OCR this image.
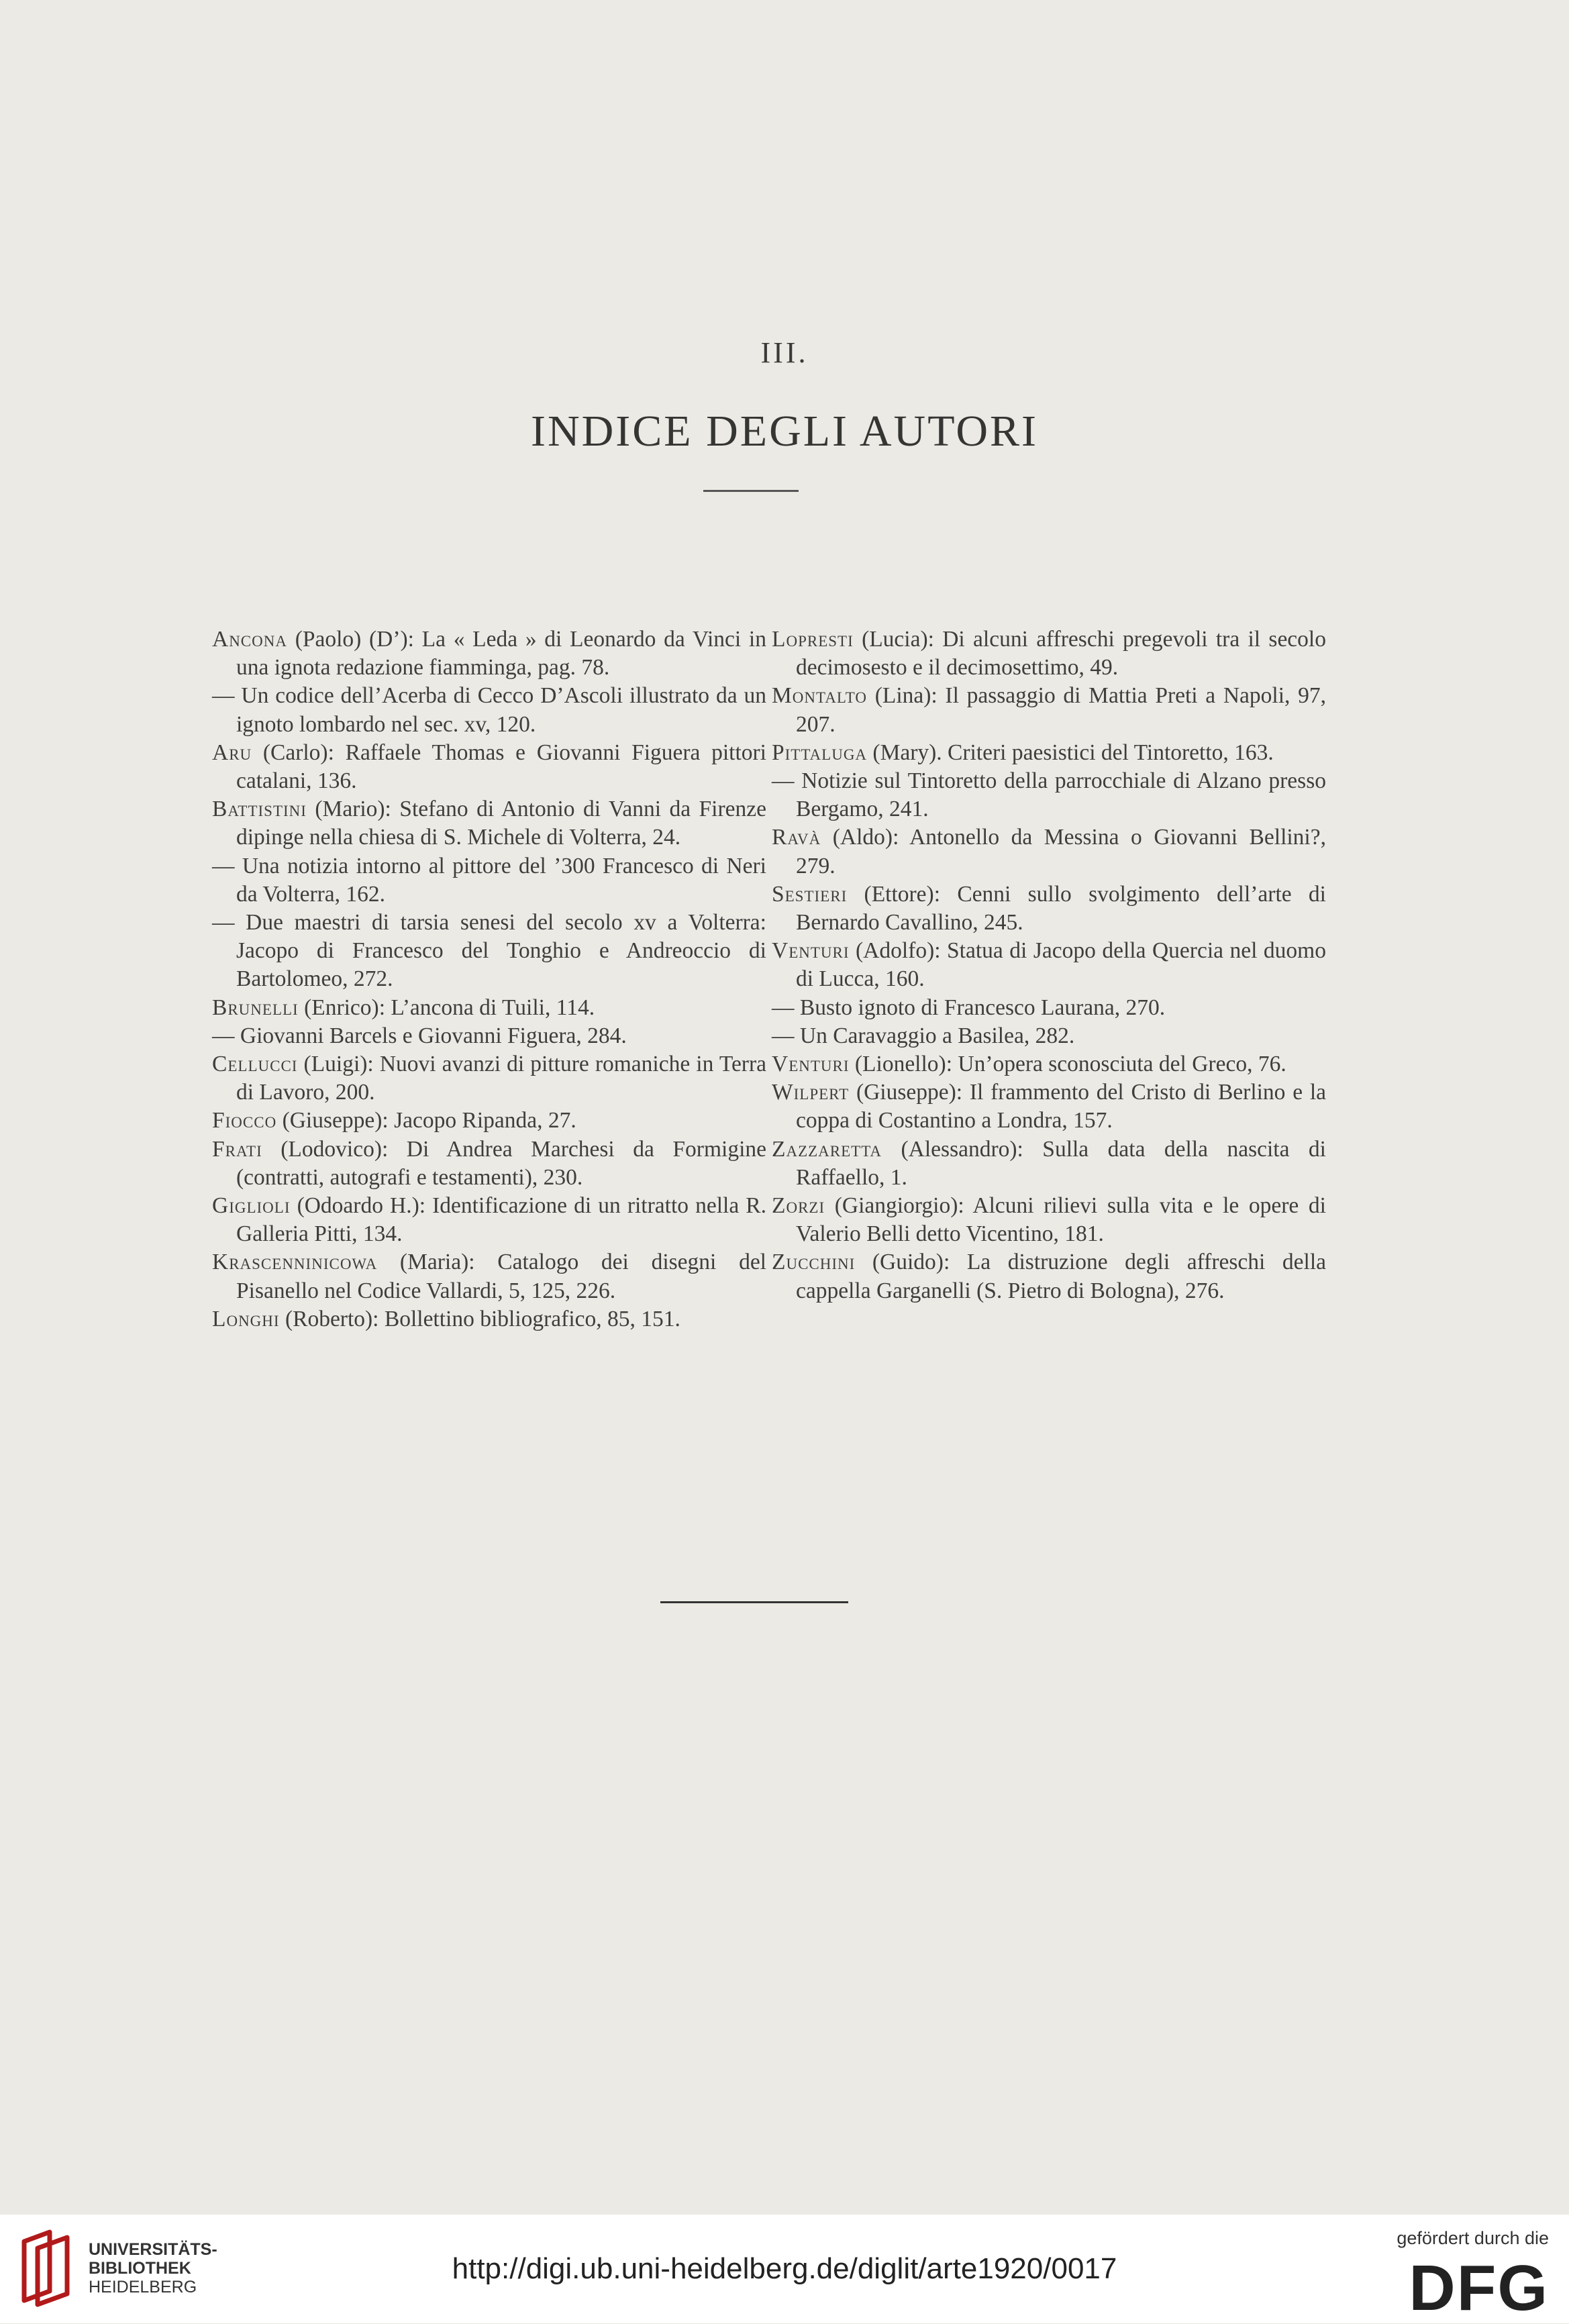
III.
INDICE DEGLI AUTORI

Ancona (Paolo) (D’): La « Leda » di Leonardo da Vinci in una ignota redazione fiamminga, pag. 78.

— Un codice dell’Acerba di Cecco D’Ascoli illustrato da un ignoto lombardo nel sec. xv, 120.

Aru (Carlo): Raffaele Thomas e Giovanni Figuera pittori catalani, 136.

Battistini (Mario): Stefano di Antonio di Vanni da Firenze dipinge nella chiesa di S. Michele di Volterra, 24.

— Una notizia intorno al pittore del ’300 Francesco di Neri da Volterra, 162.

— Due maestri di tarsia senesi del secolo xv a Volterra: Jacopo di Francesco del Tonghio e Andreoccio di Bartolomeo, 272.

Brunelli (Enrico): L’ancona di Tuili, 114.

— Giovanni Barcels e Giovanni Figuera, 284.

Cellucci (Luigi): Nuovi avanzi di pitture romaniche in Terra di Lavoro, 200.

Fiocco (Giuseppe): Jacopo Ripanda, 27.

Frati (Lodovico): Di Andrea Marchesi da Formigine (contratti, autografi e testamenti), 230.

Giglioli (Odoardo H.): Identificazione di un ritratto nella R. Galleria Pitti, 134.

Krascenninicowa (Maria): Catalogo dei disegni del Pisanello nel Codice Vallardi, 5, 125, 226.

Longhi (Roberto): Bollettino bibliografico, 85, 151.

Lopresti (Lucia): Di alcuni affreschi pregevoli tra il secolo decimosesto e il decimosettimo, 49.

Montalto (Lina): Il passaggio di Mattia Preti a Napoli, 97, 207.

Pittaluga (Mary). Criteri paesistici del Tintoretto, 163.

— Notizie sul Tintoretto della parrocchiale di Alzano presso Bergamo, 241.

Ravà (Aldo): Antonello da Messina o Giovanni Bellini?, 279.

Sestieri (Ettore): Cenni sullo svolgimento dell’arte di Bernardo Cavallino, 245.

Venturi (Adolfo): Statua di Jacopo della Quercia nel duomo di Lucca, 160.

— Busto ignoto di Francesco Laurana, 270.

— Un Caravaggio a Basilea, 282.

Venturi (Lionello): Un’opera sconosciuta del Greco, 76.

Wilpert (Giuseppe): Il frammento del Cristo di Berlino e la coppa di Costantino a Londra, 157.

Zazzaretta (Alessandro): Sulla data della nascita di Raffaello, 1.

Zorzi (Giangiorgio): Alcuni rilievi sulla vita e le opere di Valerio Belli detto Vicentino, 181.

Zucchini (Guido): La distruzione degli affreschi della cappella Garganelli (S. Pietro di Bologna), 276.

UNIVERSITÄTS-
BIBLIOTHEK
HEIDELBERG
http://digi.ub.uni-heidelberg.de/diglit/arte1920/0017
gefördert durch die
DFG
